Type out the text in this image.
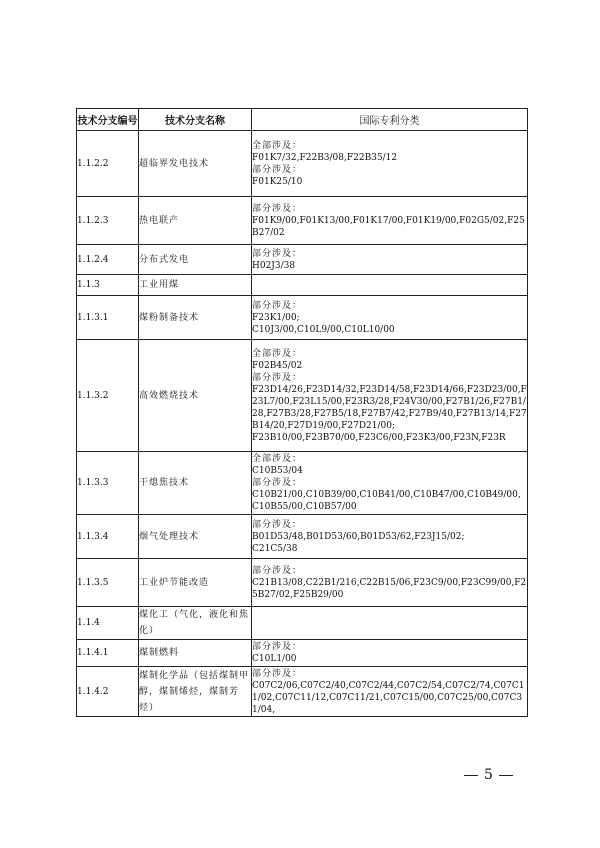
技术分支编号	技术分支名称	国际专利分类
1.1.2.2	超临界发电技术	全部涉及：
F01K7/32,F22B3/08,F22B35/12
部分涉及：
F01K25/10

1.1.2.3	热电联产	部分涉及：
F01K9/00,F01K13/00,F01K17/00,F01K19/00,F02G5/02,F25B27/02

1.1.2.4	分布式发电	部分涉及：
H02J3/38

1.1.3	工业用煤	
1.1.3.1	煤粉制备技术	部分涉及：
F23K1/00;
C10J3/00,C10L9/00,C10L10/00

1.1.3.2	高效燃烧技术	全部涉及：
F02B45/02
部分涉及：
F23D14/26,F23D14/32,F23D14/58,F23D14/66,F23D23/00,F23L7/00,F23L15/00,F23R3/28,F24V30/00,F27B1/26,F27B1/28,F27B3/28,F27B5/18,F27B7/42,F27B9/40,F27B13/14,F27B14/20,F27D19/00,F27D21/00;
F23B10/00,F23B70/00,F23C6/00,F23K3/00,F23N,F23R

1.1.3.3	干熄焦技术	全部涉及：
C10B53/04
部分涉及：
C10B21/00,C10B39/00,C10B41/00,C10B47/00,C10B49/00,C10B55/00,C10B57/00

1.1.3.4	烟气处理技术	部分涉及：
B01D53/48,B01D53/60,B01D53/62,F23J15/02;
C21C5/38

1.1.3.5	工业炉节能改造	部分涉及：
C21B13/08,C22B1/216,C22B15/06,F23C9/00,F23C99/00,F25B27/02,F25B29/00

1.1.4	煤化工（气化，液化和焦化）	
1.1.4.1	煤制燃料	部分涉及：
C10L1/00

1.1.4.2	煤制化学品（包括煤制甲醇，煤制烯烃，煤制芳烃）	部分涉及：
C07C2/06,C07C2/40,C07C2/44,C07C2/54,C07C2/74,C07C11/02,C07C11/12,C07C11/21,C07C15/00,C07C25/00,C07C31/04,
5
